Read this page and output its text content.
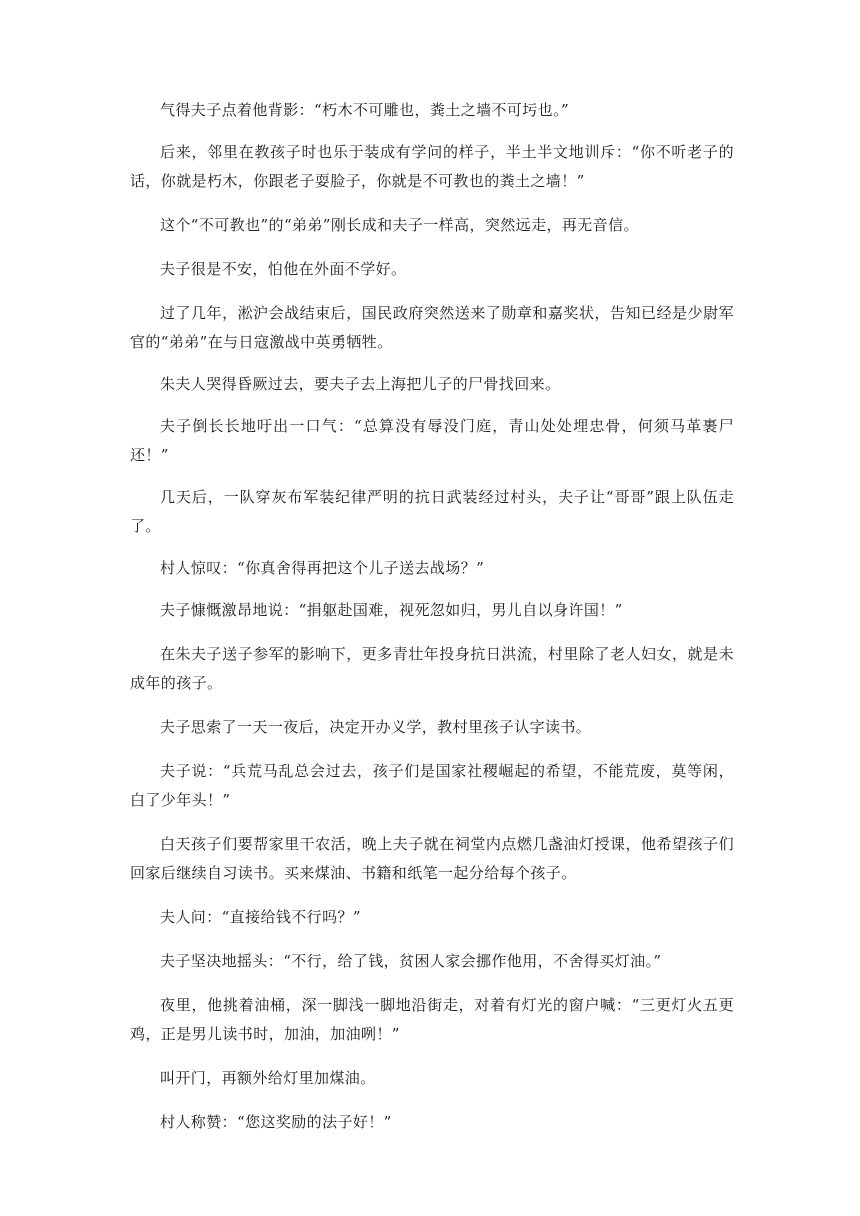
气得夫子点着他背影：“朽木不可雕也，粪土之墙不可圬也。”

后来，邻里在教孩子时也乐于装成有学问的样子，半土半文地训斥：“你不听老子的话，你就是朽木，你跟老子耍脸子，你就是不可教也的粪土之墙！”

这个“不可教也”的“弟弟”刚长成和夫子一样高，突然远走，再无音信。

夫子很是不安，怕他在外面不学好。

过了几年，淞沪会战结束后，国民政府突然送来了勋章和嘉奖状，告知已经是少尉军官的“弟弟”在与日寇激战中英勇牺牲。

朱夫人哭得昏厥过去，要夫子去上海把儿子的尸骨找回来。

夫子倒长长地吁出一口气：“总算没有辱没门庭，青山处处埋忠骨，何须马革裹尸还！”

几天后，一队穿灰布军装纪律严明的抗日武装经过村头，夫子让“哥哥”跟上队伍走了。

村人惊叹：“你真舍得再把这个儿子送去战场？”

夫子慷慨激昂地说：“捐躯赴国难，视死忽如归，男儿自以身许国！”

在朱夫子送子参军的影响下，更多青壮年投身抗日洪流，村里除了老人妇女，就是未成年的孩子。

夫子思索了一天一夜后，决定开办义学，教村里孩子认字读书。

夫子说：“兵荒马乱总会过去，孩子们是国家社稷崛起的希望，不能荒废，莫等闲，白了少年头！”

白天孩子们要帮家里干农活，晚上夫子就在祠堂内点燃几盏油灯授课，他希望孩子们回家后继续自习读书。买来煤油、书籍和纸笔一起分给每个孩子。

夫人问：“直接给钱不行吗？”

夫子坚决地摇头：“不行，给了钱，贫困人家会挪作他用，不舍得买灯油。”

夜里，他挑着油桶，深一脚浅一脚地沿街走，对着有灯光的窗户喊：“三更灯火五更鸡，正是男儿读书时，加油，加油咧！”

叫开门，再额外给灯里加煤油。

村人称赞：“您这奖励的法子好！”
